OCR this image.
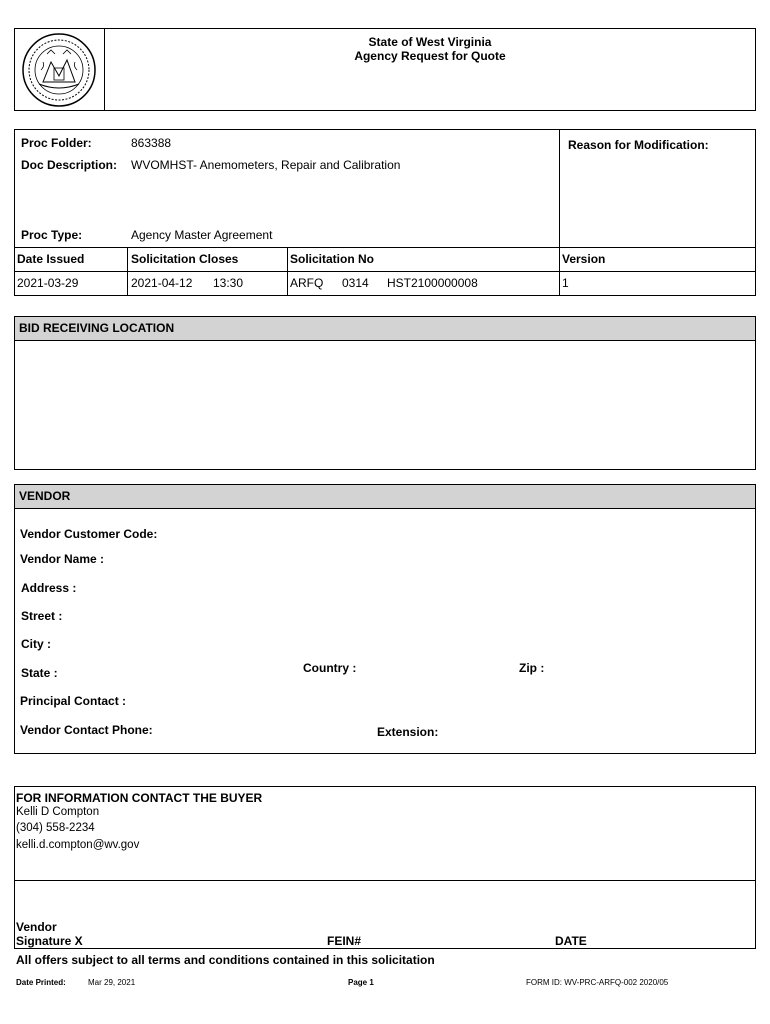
State of West Virginia
Agency Request for Quote
Proc Folder:	863388
Doc Description: WVOMHST- Anemometers, Repair and Calibration
Proc Type:	Agency Master Agreement
Reason for Modification:
Date Issued	Solicitation Closes	Solicitation No	Version
2021-03-29	2021-04-12 13:30	ARFQ 0314 HST2100000008	1
BID RECEIVING LOCATION
VENDOR
Vendor Customer Code:
Vendor Name :
Address :
Street :
City :
State :	Country :	Zip :
Principal Contact :
Vendor Contact Phone:	Extension:
FOR INFORMATION CONTACT THE BUYER
Kelli D Compton
(304) 558-2234
kelli.d.compton@wv.gov
Vendor
Signature X	FEIN#	DATE
All offers subject to all terms and conditions contained in this solicitation
Date Printed:	Mar 29, 2021	Page 1	FORM ID: WV-PRC-ARFQ-002 2020/05
